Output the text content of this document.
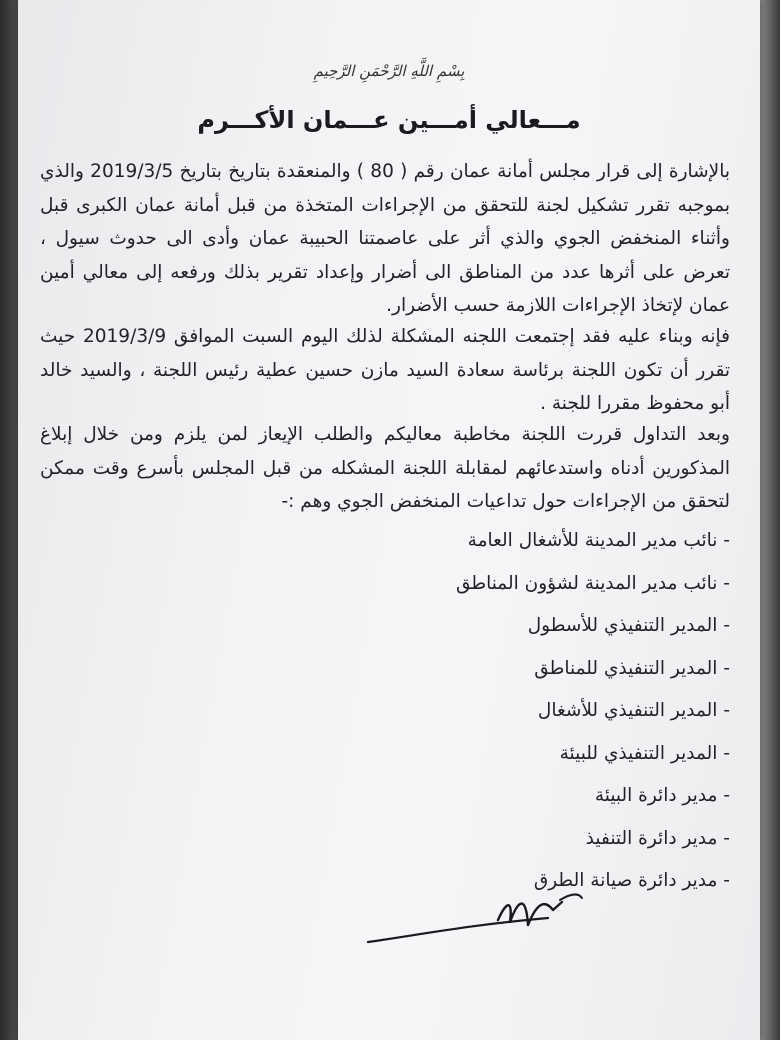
بِسْمِ اللَّهِ الرَّحْمَنِ الرَّحِيمِ
مـــعالي أمـــين عـــمان الأكـــرم
بالإشارة إلى قرار مجلس أمانة عمان رقم ( 80 ) والمنعقدة بتاريخ بتاريخ 2019/3/5 والذي بموجبه تقرر تشكيل لجنة للتحقق من الإجراءات المتخذة من قبل أمانة عمان الكبرى قبل وأثناء المنخفض الجوي والذي أثر على عاصمتنا الحبيبة عمان وأدى الى حدوث سيول ، تعرض على أثرها عدد من المناطق الى أضرار وإعداد تقرير بذلك ورفعه إلى معالي أمين عمان لإتخاذ الإجراءات اللازمة حسب الأضرار.
فإنه وبناء عليه فقد إجتمعت اللجنه المشكلة لذلك اليوم السبت الموافق 2019/3/9 حيث تقرر أن تكون اللجنة برئاسة سعادة السيد مازن حسين عطية رئيس اللجنة ، والسيد خالد أبو محفوظ مقررا للجنة .
وبعد التداول قررت اللجنة مخاطبة معاليكم والطلب الإيعاز لمن يلزم ومن خلال إبلاغ المذكورين أدناه واستدعائهم لمقابلة اللجنة المشكله من قبل المجلس بأسرع وقت ممكن لتحقق من الإجراءات حول تداعيات المنخفض الجوي وهم :-
- نائب مدير المدينة للأشغال العامة
- نائب مدير المدينة لشؤون المناطق
- المدير التنفيذي للأسطول
- المدير التنفيذي للمناطق
- المدير التنفيذي للأشغال
- المدير التنفيذي للبيئة
- مدير دائرة البيئة
- مدير دائرة التنفيذ
- مدير دائرة صيانة الطرق
